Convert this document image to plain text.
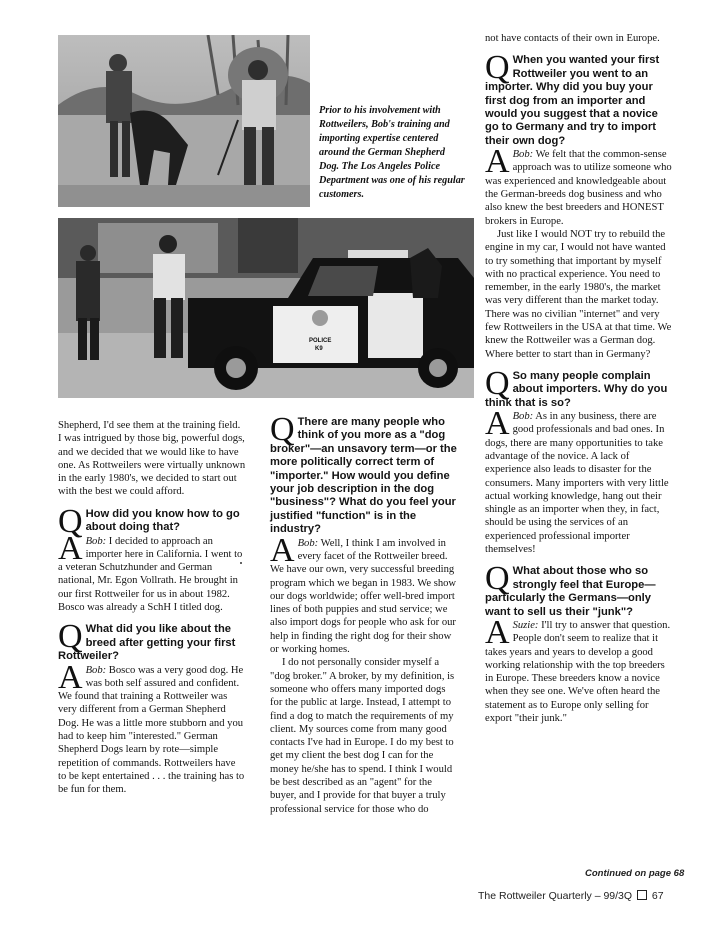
Prior to his involvement with Rottweilers, Bob's training and importing expertise centered around the German Shepherd Dog. The Los Angeles Police Department was one of his regular customers.
POLICE
K9

Shepherd, I'd see them at the training field. I was intrigued by those big, powerful dogs, and we decided that we would like to have one. As Rottweilers were virtually unknown in the early 1980's, we decided to start out with the best we could afford.

Q How did you know how to go about doing that?

A Bob: I decided to approach an importer here in California. I went to a veteran Schutzhunder and German national, Mr. Egon Vollrath. He brought in our first Rottweiler for us in about 1982. Bosco was already a SchH I titled dog.

Q What did you like about the breed after getting your first Rottweiler?

A Bob: Bosco was a very good dog. He was both self assured and confident. We found that training a Rottweiler was very different from a German Shepherd Dog. He was a little more stubborn and you had to keep him "interested." German Shepherd Dogs learn by rote—simple repetition of commands. Rottweilers have to be kept entertained . . . the training has to be fun for them.

Q There are many people who think of you more as a "dog broker"—an unsavory term—or the more politically correct term of "importer." How would you define your job description in the dog "business"? What do you feel your justified "function" is in the industry?

A Bob: Well, I think I am involved in every facet of the Rottweiler breed. We have our own, very successful breeding program which we began in 1983. We show our dogs worldwide; offer well-bred import lines of both puppies and stud service; we also import dogs for people who ask for our help in finding the right dog for their show or working homes.

I do not personally consider myself a "dog broker." A broker, by my definition, is someone who offers many imported dogs for the public at large. Instead, I attempt to find a dog to match the requirements of my client. My sources come from many good contacts I've had in Europe. I do my best to get my client the best dog I can for the money he/she has to spend. I think I would be best described as an "agent" for the buyer, and I provide for that buyer a truly professional service for those who do

not have contacts of their own in Europe.

Q When you wanted your first Rottweiler you went to an importer. Why did you buy your first dog from an importer and would you suggest that a novice go to Germany and try to import their own dog?

A Bob: We felt that the common-sense approach was to utilize someone who was experienced and knowledgeable about the German-breeds dog business and who also knew the best breeders and HONEST brokers in Europe.

Just like I would NOT try to rebuild the engine in my car, I would not have wanted to try something that important by myself with no practical experience. You need to remember, in the early 1980's, the market was very different than the market today. There was no civilian "internet" and very few Rottweilers in the USA at that time. We knew the Rottweiler was a German dog. Where better to start than in Germany?

Q So many people complain about importers. Why do you think that is so?

A Bob: As in any business, there are good professionals and bad ones. In dogs, there are many opportunities to take advantage of the novice. A lack of experience also leads to disaster for the consumers. Many importers with very little actual working knowledge, hang out their shingle as an importer when they, in fact, should be using the services of an experienced professional importer themselves!

Q What about those who so strongly feel that Europe—particularly the Germans—only want to sell us their "junk"?

A Suzie: I'll try to answer that question. People don't seem to realize that it takes years and years to develop a good working relationship with the top breeders in Europe. These breeders know a novice when they see one. We've often heard the statement as to Europe only selling for export "their junk."

Continued on page 68
The Rottweiler Quarterly – 99/3Q 67
